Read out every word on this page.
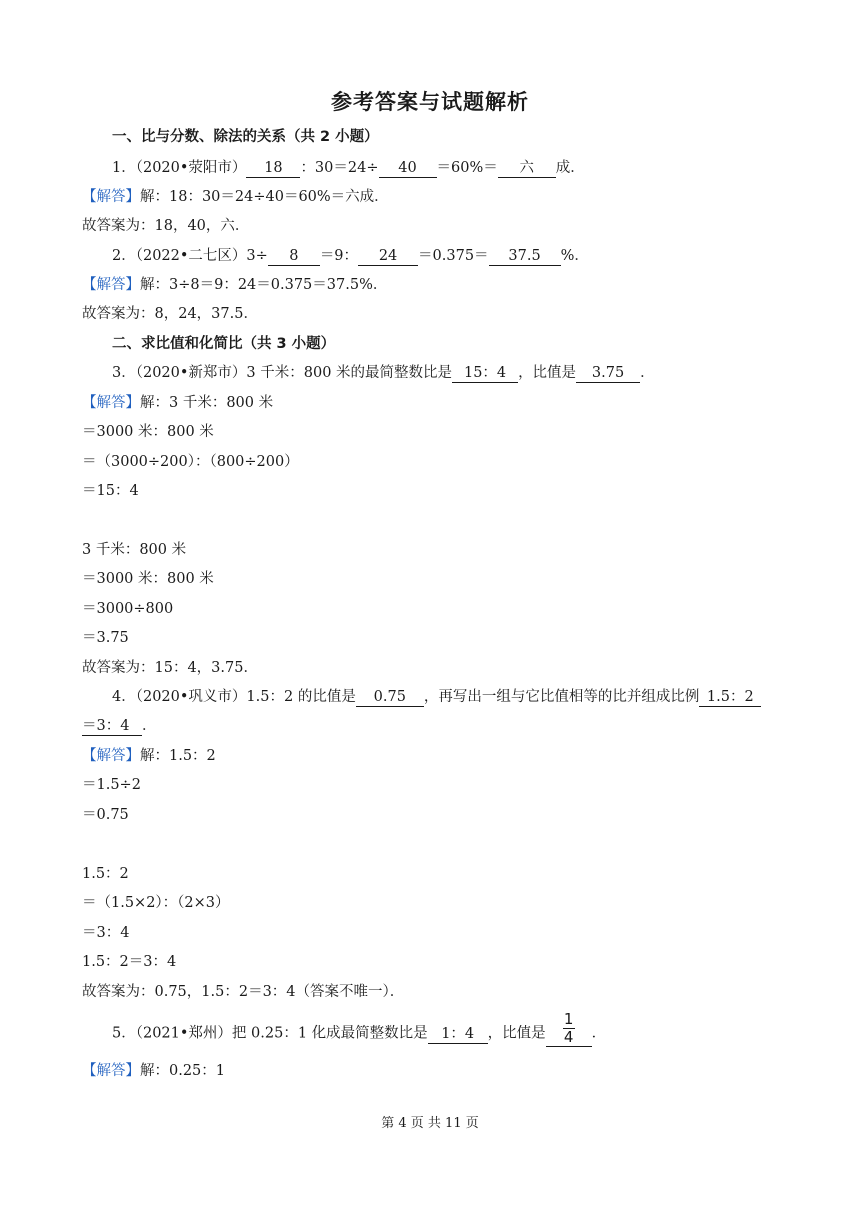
参考答案与试题解析
一、比与分数、除法的关系（共 2 小题）
1．（2020•荥阳市） 18 ：30＝24÷ 40 ＝60%＝ 六 成．
【解答】解：18：30＝24÷40＝60%＝六成．
故答案为：18，40，六．
2．（2022•二七区）3÷ 8 ＝9： 24 ＝0.375＝ 37.5 %．
【解答】解：3÷8＝9：24＝0.375＝37.5%．
故答案为：8，24，37.5．
二、求比值和化简比（共 3 小题）
3．（2020•新郑市）3 千米：800 米的最简整数比是 15：4 ，比值是 3.75 ．
【解答】解：3 千米：800 米
＝3000 米：800 米
＝（3000÷200）：（800÷200）
＝15：4
3 千米：800 米
＝3000 米：800 米
＝3000÷800
＝3.75
故答案为：15：4，3.75．
4．（2020•巩义市）1.5：2 的比值是 0.75 ，再写出一组与它比值相等的比并组成比例 1.5：2
＝3：4 ．
【解答】解：1.5：2
＝1.5÷2
＝0.75
1.5：2
＝（1.5×2）：（2×3）
＝3：4
1.5：2＝3：4
故答案为：0.75，1.5：2＝3：4（答案不唯一）．
5．（2021•郑州）把 0.25：1 化成最简整数比是 1：4 ，比值是 $\frac{1}{4}$ ．
【解答】解：0.25：1
第 4 页 共 11 页
